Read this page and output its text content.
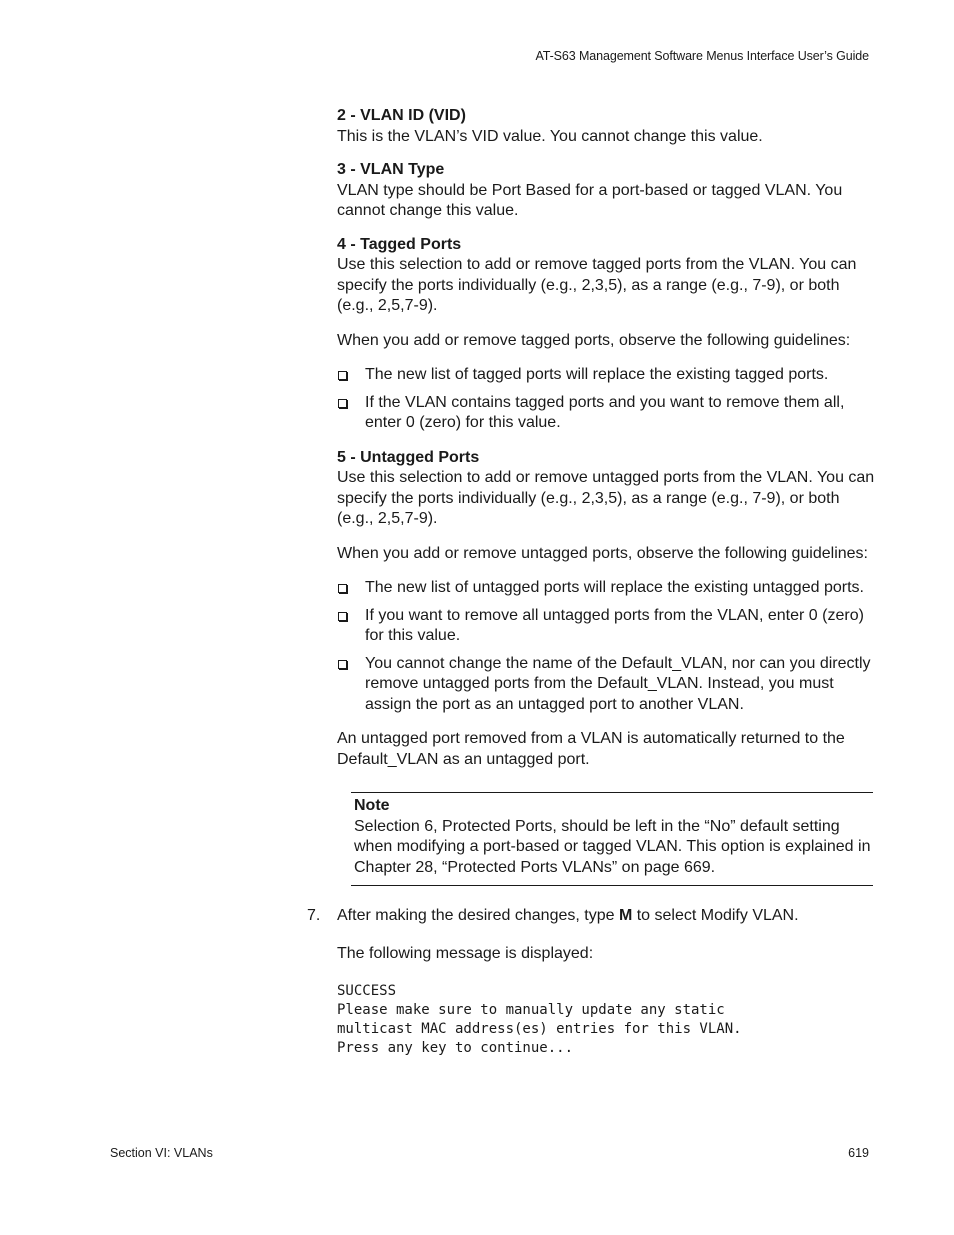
AT-S63 Management Software Menus Interface User’s Guide

2 - VLAN ID (VID)

This is the VLAN’s VID value. You cannot change this value.

3 - VLAN Type

VLAN type should be Port Based for a port-based or tagged VLAN. You cannot change this value.

4 - Tagged Ports

Use this selection to add or remove tagged ports from the VLAN. You can specify the ports individually (e.g., 2,3,5), as a range (e.g., 7-9), or both (e.g., 2,5,7-9).

When you add or remove tagged ports, observe the following guidelines:

The new list of tagged ports will replace the existing tagged ports.
If the VLAN contains tagged ports and you want to remove them all, enter 0 (zero) for this value.

5 - Untagged Ports

Use this selection to add or remove untagged ports from the VLAN. You can specify the ports individually (e.g., 2,3,5), as a range (e.g., 7-9), or both (e.g., 2,5,7-9).

When you add or remove untagged ports, observe the following guidelines:

The new list of untagged ports will replace the existing untagged ports.
If you want to remove all untagged ports from the VLAN, enter 0 (zero) for this value.
You cannot change the name of the Default_VLAN, nor can you directly remove untagged ports from the Default_VLAN. Instead, you must assign the port as an untagged port to another VLAN.

An untagged port removed from a VLAN is automatically returned to the Default_VLAN as an untagged port.

Note
Selection 6, Protected Ports, should be left in the “No” default setting when modifying a port-based or tagged VLAN. This option is explained in Chapter 28, “Protected Ports VLANs” on page 669.
7. After making the desired changes, type M to select Modify VLAN.

The following message is displayed:

SUCCESS
Please make sure to manually update any static
multicast MAC address(es) entries for this VLAN.
Press any key to continue...
Section VI: VLANs	619
